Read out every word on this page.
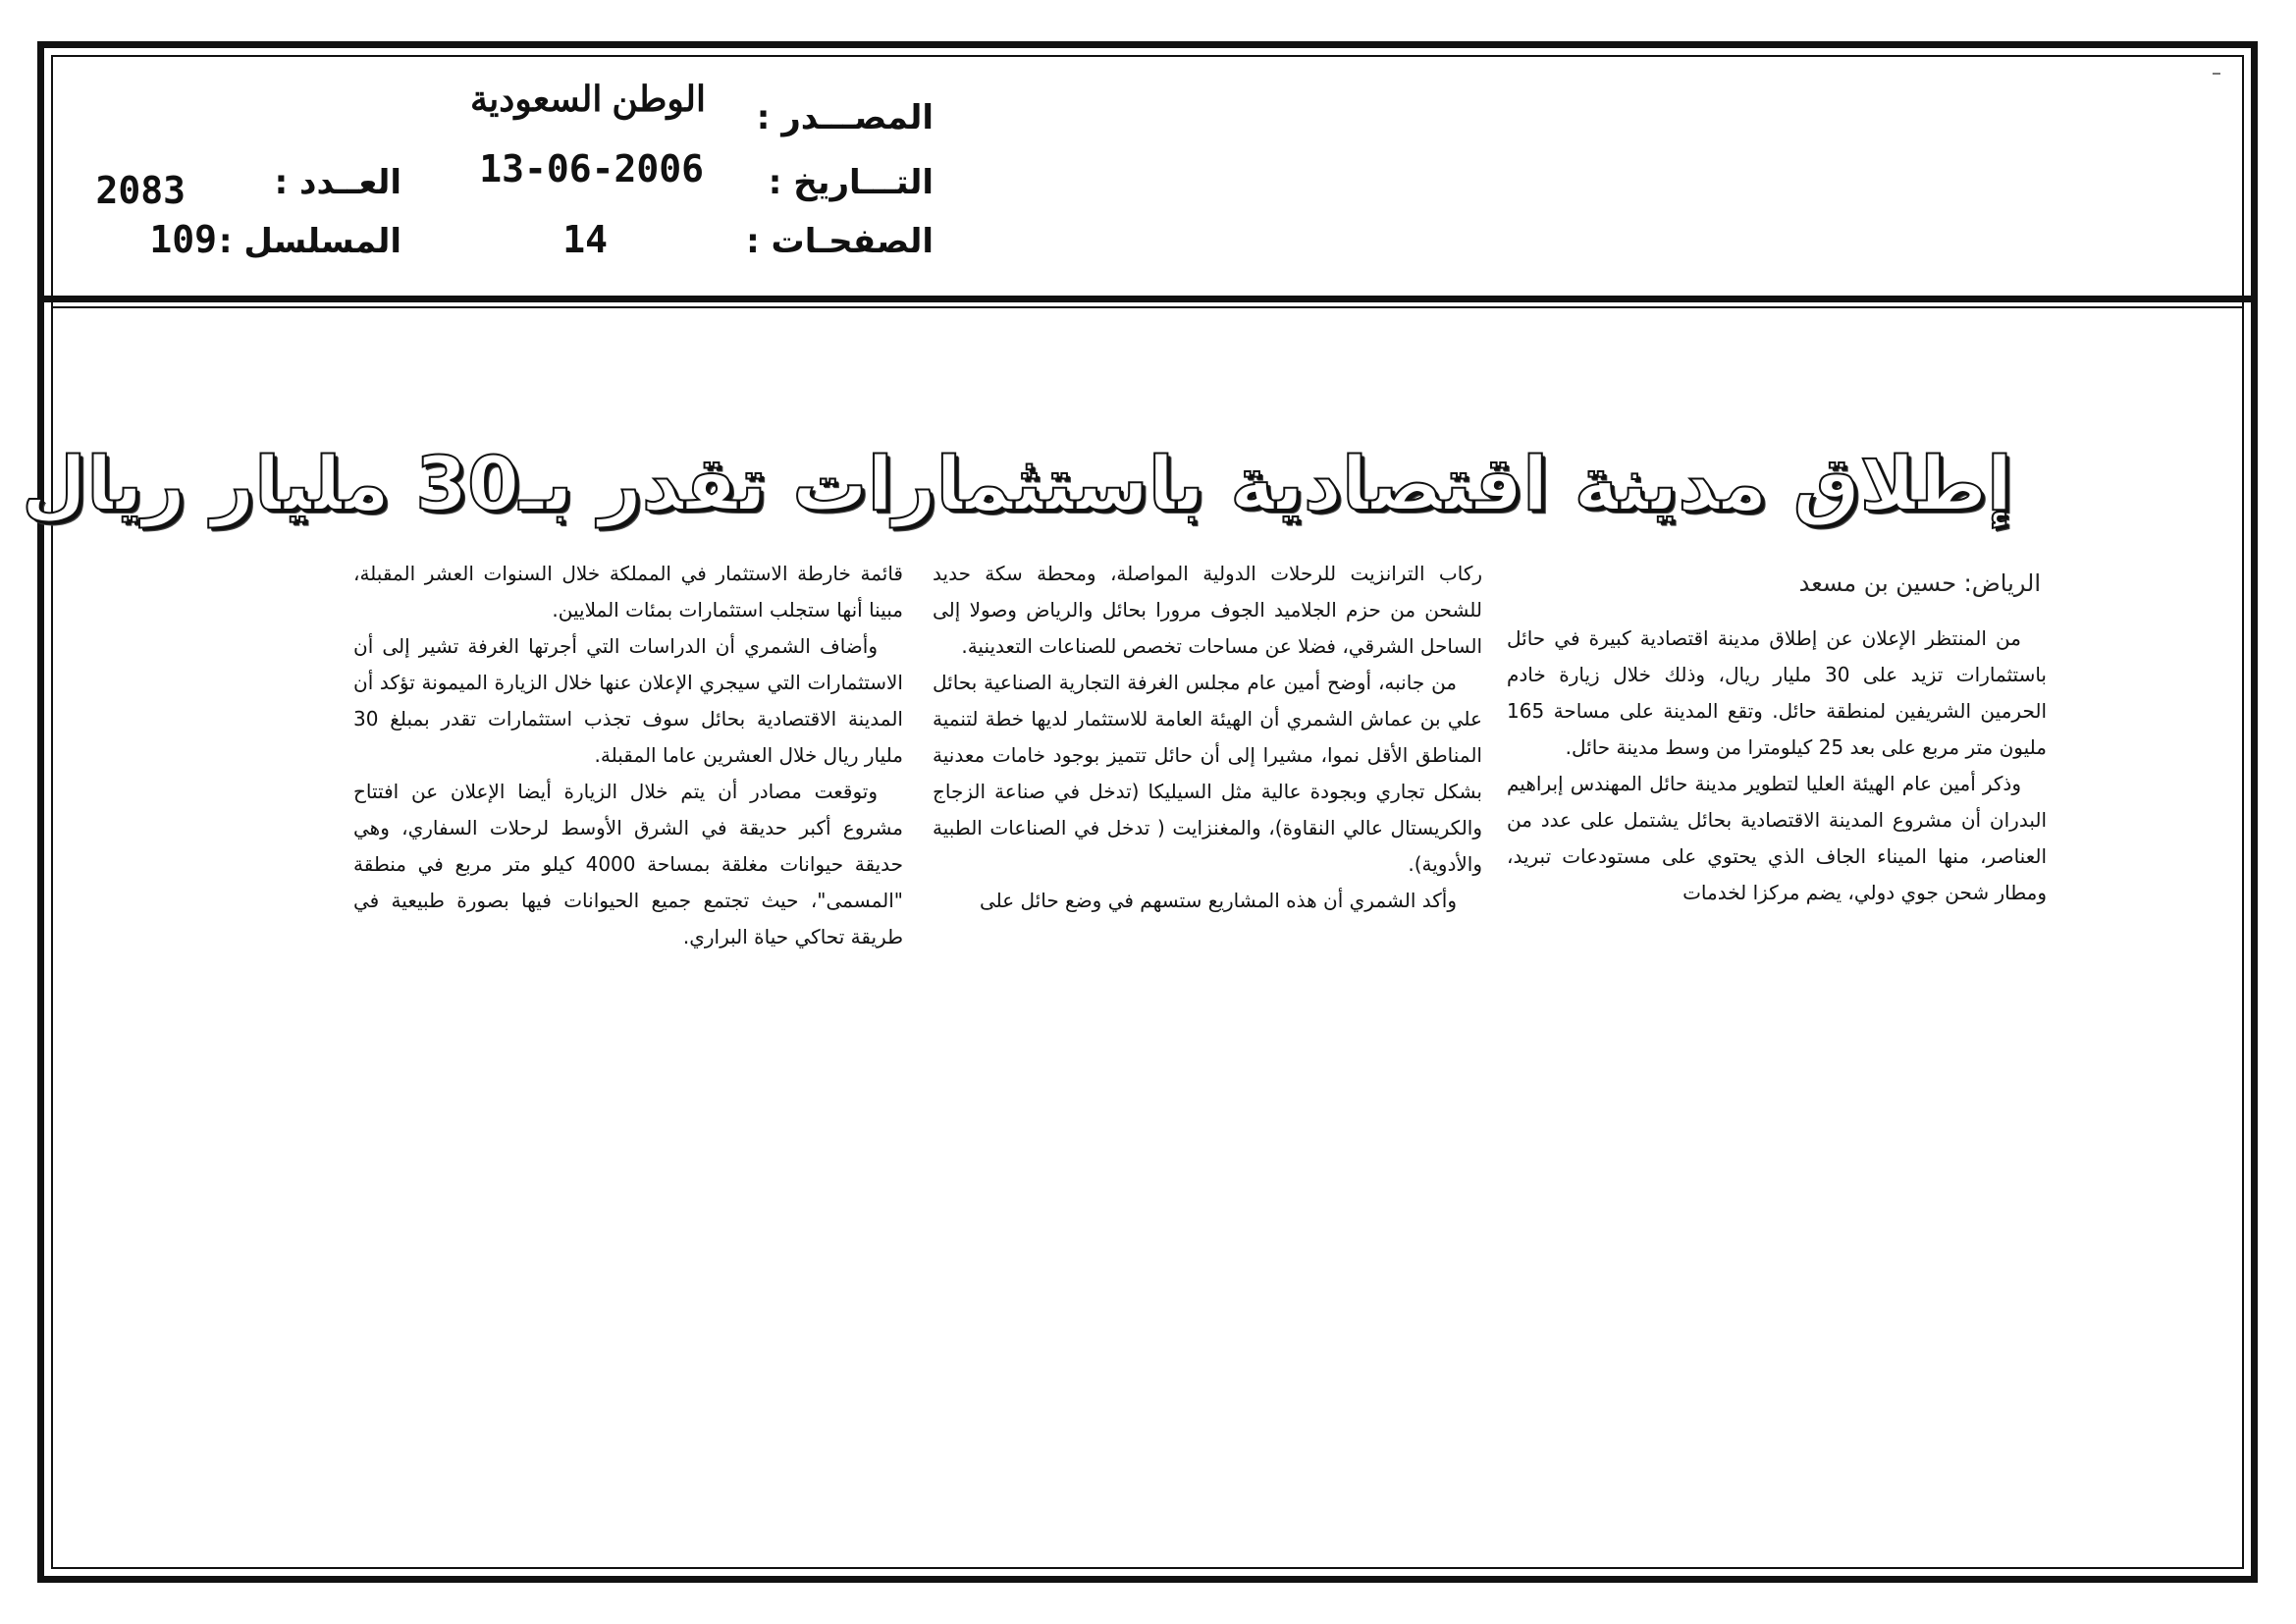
المصـــدر :
الوطن السعودية
التـــاريخ :
13-06-2006
الصفحـات :
14
العــدد :
2083
المسلسل :
109
إطلاق مدينة اقتصادية باستثمارات تقدر بـ30 مليار ريال
الرياض: حسين بن مسعد

من المنتظر الإعلان عن إطلاق مدينة اقتصادية كبيرة في حائل باستثمارات تزيد على 30 مليار ريال، وذلك خلال زيارة خادم الحرمين الشريفين لمنطقة حائل. وتقع المدينة على مساحة 165 مليون متر مربع على بعد 25 كيلومترا من وسط مدينة حائل.

وذكر أمين عام الهيئة العليا لتطوير مدينة حائل المهندس إبراهيم البدران أن مشروع المدينة الاقتصادية بحائل يشتمل على عدد من العناصر، منها الميناء الجاف الذي يحتوي على مستودعات تبريد، ومطار شحن جوي دولي، يضم مركزا لخدمات

ركاب الترانزيت للرحلات الدولية المواصلة، ومحطة سكة حديد للشحن من حزم الجلاميد الجوف مرورا بحائل والرياض وصولا إلى الساحل الشرقي، فضلا عن مساحات تخصص للصناعات التعدينية.

من جانبه، أوضح أمين عام مجلس الغرفة التجارية الصناعية بحائل علي بن عماش الشمري أن الهيئة العامة للاستثمار لديها خطة لتنمية المناطق الأقل نموا، مشيرا إلى أن حائل تتميز بوجود خامات معدنية بشكل تجاري وبجودة عالية مثل السيليكا (تدخل في صناعة الزجاج والكريستال عالي النقاوة)، والمغنزايت ( تدخل في الصناعات الطبية والأدوية).

وأكد الشمري أن هذه المشاريع ستسهم في وضع حائل على

قائمة خارطة الاستثمار في المملكة خلال السنوات العشر المقبلة، مبينا أنها ستجلب استثمارات بمئات الملايين.

وأضاف الشمري أن الدراسات التي أجرتها الغرفة تشير إلى أن الاستثمارات التي سيجري الإعلان عنها خلال الزيارة الميمونة تؤكد أن المدينة الاقتصادية بحائل سوف تجذب استثمارات تقدر بمبلغ 30 مليار ريال خلال العشرين عاما المقبلة.

وتوقعت مصادر أن يتم خلال الزيارة أيضا الإعلان عن افتتاح مشروع أكبر حديقة في الشرق الأوسط لرحلات السفاري، وهي حديقة حيوانات مغلقة بمساحة 4000 كيلو متر مربع في منطقة "المسمى"، حيث تجتمع جميع الحيوانات فيها بصورة طبيعية في طريقة تحاكي حياة البراري.
